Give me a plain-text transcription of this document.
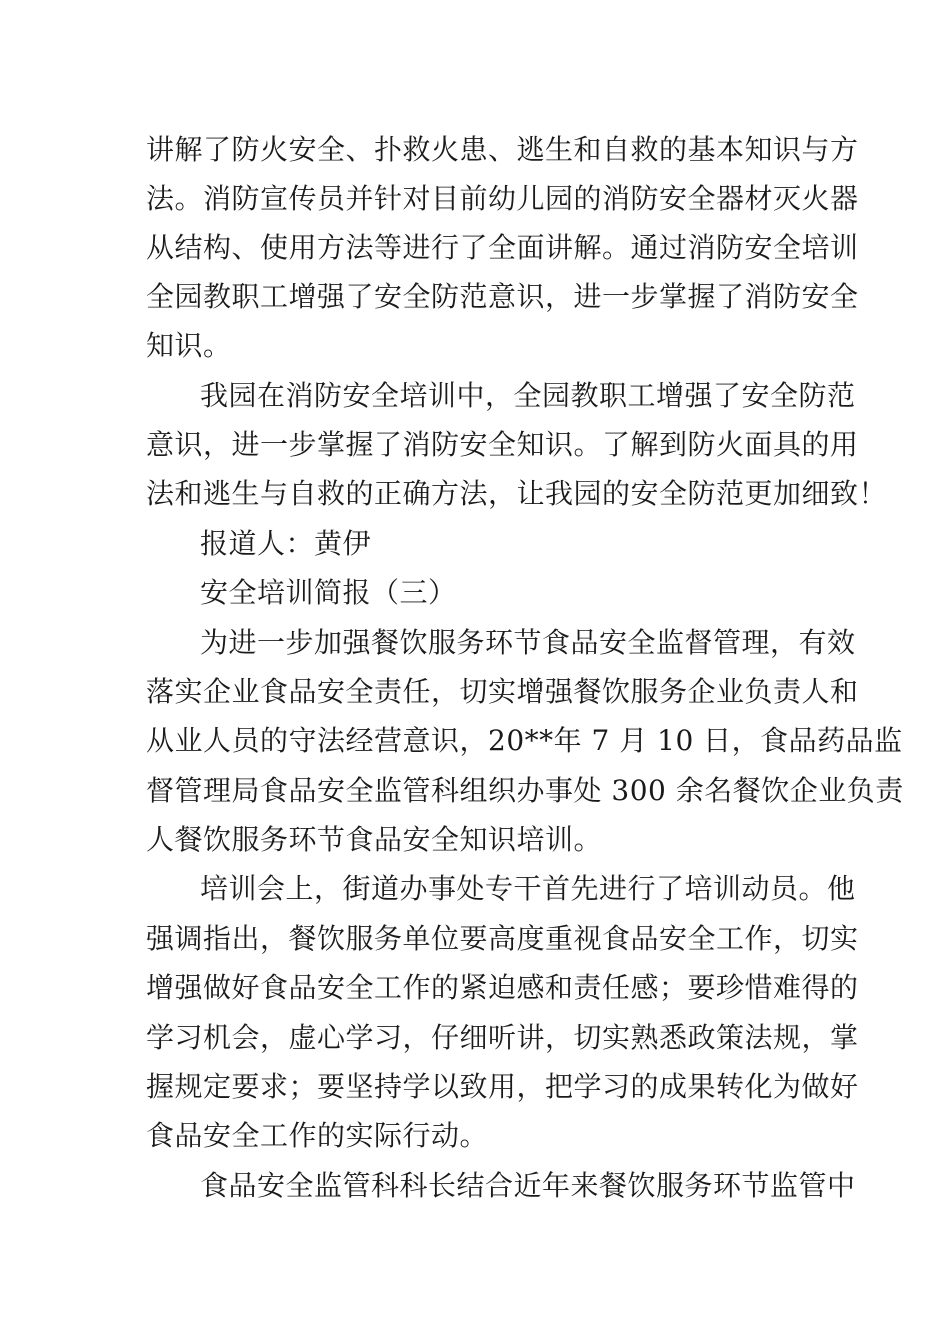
讲解了防火安全、扑救火患、逃生和自救的基本知识与方
法。消防宣传员并针对目前幼儿园的消防安全器材灭火器
从结构、使用方法等进行了全面讲解。通过消防安全培训
全园教职工增强了安全防范意识，进一步掌握了消防安全
知识。
我园在消防安全培训中，全园教职工增强了安全防范
意识，进一步掌握了消防安全知识。了解到防火面具的用
法和逃生与自救的正确方法，让我园的安全防范更加细致！
报道人：黄伊
安全培训简报（三）
为进一步加强餐饮服务环节食品安全监督管理，有效
落实企业食品安全责任，切实增强餐饮服务企业负责人和
从业人员的守法经营意识，20**年 7 月 10 日，食品药品监
督管理局食品安全监管科组织办事处 300 余名餐饮企业负责
人餐饮服务环节食品安全知识培训。
培训会上，街道办事处专干首先进行了培训动员。他
强调指出，餐饮服务单位要高度重视食品安全工作，切实
增强做好食品安全工作的紧迫感和责任感；要珍惜难得的
学习机会，虚心学习，仔细听讲，切实熟悉政策法规，掌
握规定要求；要坚持学以致用，把学习的成果转化为做好
食品安全工作的实际行动。
食品安全监管科科长结合近年来餐饮服务环节监管中
